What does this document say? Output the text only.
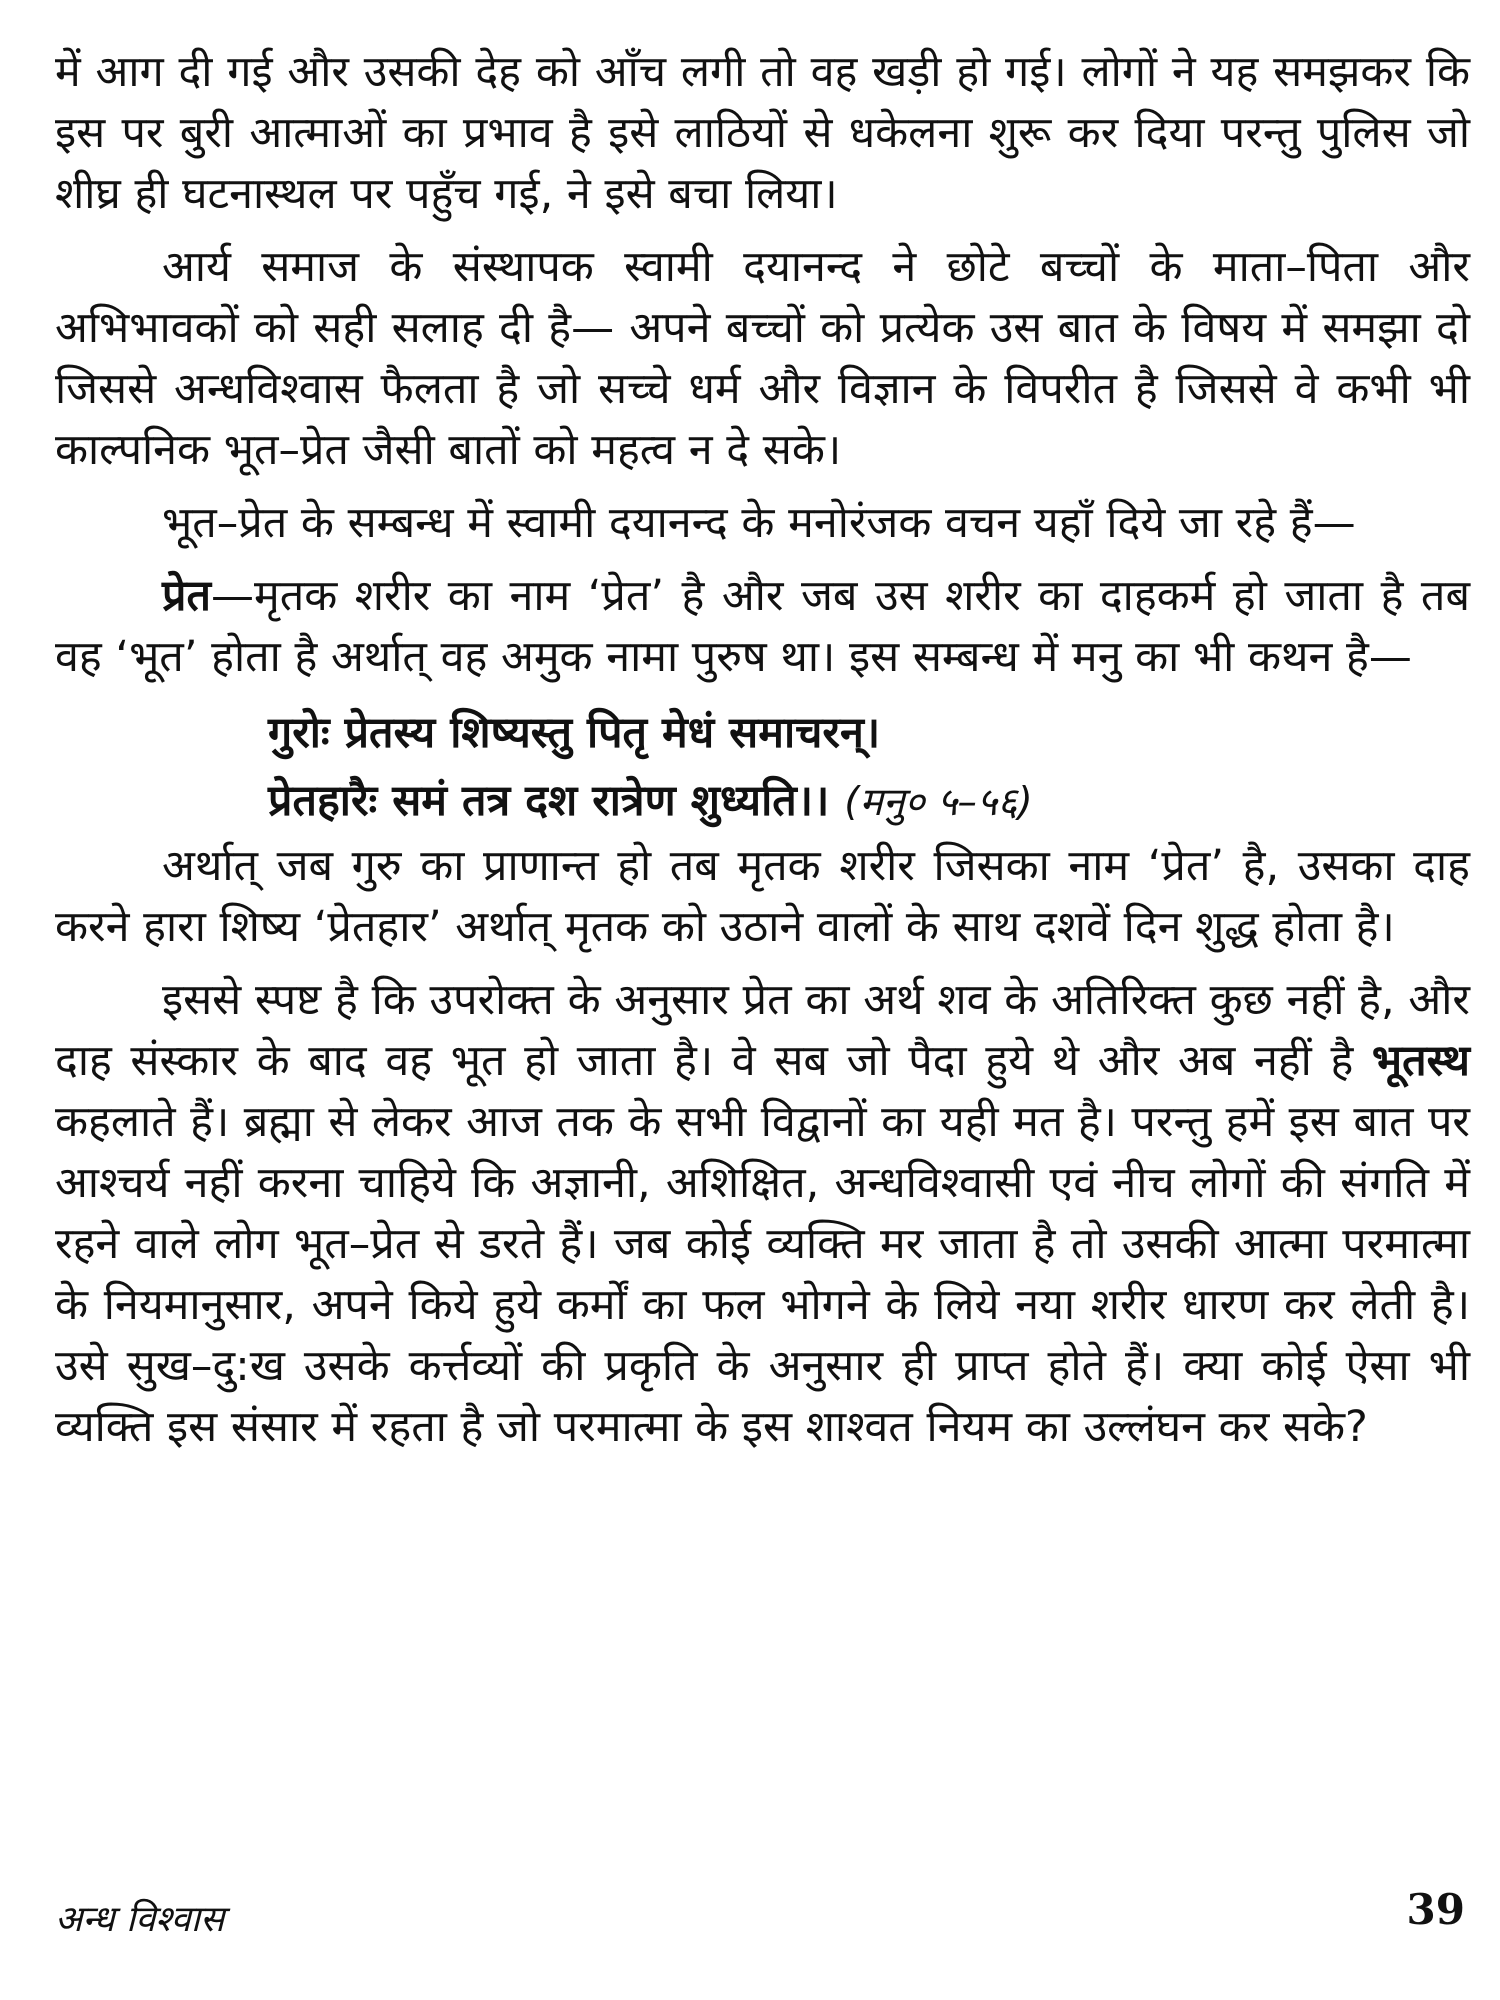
में आग दी गई और उसकी देह को आँच लगी तो वह खड़ी हो गई। लोगों ने यह समझकर कि इस पर बुरी आत्माओं का प्रभाव है इसे लाठियों से धकेलना शुरू कर दिया परन्तु पुलिस जो शीघ्र ही घटनास्थल पर पहुँच गई, ने इसे बचा लिया।

आर्य समाज के संस्थापक स्वामी दयानन्द ने छोटे बच्चों के माता–पिता और अभिभावकों को सही सलाह दी है— अपने बच्चों को प्रत्येक उस बात के विषय में समझा दो जिससे अन्धविश्वास फैलता है जो सच्चे धर्म और विज्ञान के विपरीत है जिससे वे कभी भी काल्पनिक भूत–प्रेत जैसी बातों को महत्व न दे सके।

भूत–प्रेत के सम्बन्ध में स्वामी दयानन्द के मनोरंजक वचन यहाँ दिये जा रहे हैं—

प्रेत—मृतक शरीर का नाम ‘प्रेत’ है और जब उस शरीर का दाहकर्म हो जाता है तब वह ‘भूत’ होता है अर्थात् वह अमुक नामा पुरुष था। इस सम्बन्ध में मनु का भी कथन है—

गुरोः प्रेतस्य शिष्यस्तु पितृ मेधं समाचरन्।
प्रेतहारैः समं तत्र दश रात्रेण शुध्यति।। (मनु० ५–५६)

अर्थात् जब गुरु का प्राणान्त हो तब मृतक शरीर जिसका नाम ‘प्रेत’ है, उसका दाह करने हारा शिष्य ‘प्रेतहार’ अर्थात् मृतक को उठाने वालों के साथ दशवें दिन शुद्ध होता है।

इससे स्पष्ट है कि उपरोक्त के अनुसार प्रेत का अर्थ शव के अतिरिक्त कुछ नहीं है, और दाह संस्कार के बाद वह भूत हो जाता है। वे सब जो पैदा हुये थे और अब नहीं है भूतस्थ कहलाते हैं। ब्रह्मा से लेकर आज तक के सभी विद्वानों का यही मत है। परन्तु हमें इस बात पर आश्चर्य नहीं करना चाहिये कि अज्ञानी, अशिक्षित, अन्धविश्वासी एवं नीच लोगों की संगति में रहने वाले लोग भूत–प्रेत से डरते हैं। जब कोई व्यक्ति मर जाता है तो उसकी आत्मा परमात्मा के नियमानुसार, अपने किये हुये कर्मों का फल भोगने के लिये नया शरीर धारण कर लेती है। उसे सुख–दु:ख उसके कर्त्तव्यों की प्रकृति के अनुसार ही प्राप्त होते हैं। क्या कोई ऐसा भी व्यक्ति इस संसार में रहता है जो परमात्मा के इस शाश्वत नियम का उल्लंघन कर सके?

अन्ध विश्वास	39
